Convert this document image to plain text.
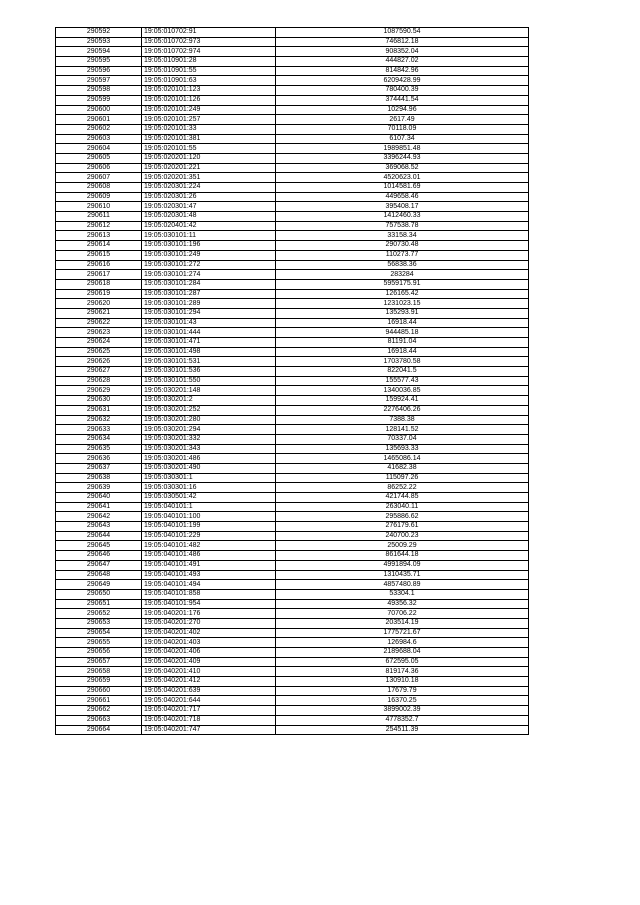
290592	19:05:010702:91	1087590.54
290593	19:05:010702:973	746812.18
290594	19:05:010702:974	908352.04
290595	19:05:010901:28	444827.02
290596	19:05:010901:55	814842.96
290597	19:05:010901:63	6209428.99
290598	19:05:020101:123	780400.39
290599	19:05:020101:126	374441.54
290600	19:05:020101:249	10294.96
290601	19:05:020101:257	2617.49
290602	19:05:020101:33	70118.09
290603	19:05:020101:381	6107.34
290604	19:05:020101:55	1989851.48
290605	19:05:020201:120	3396244.93
290606	19:05:020201:221	369068.52
290607	19:05:020201:351	4520623.01
290608	19:05:020301:224	1014581.69
290609	19:05:020301:26	449658.46
290610	19:05:020301:47	395408.17
290611	19:05:020301:48	1412460.33
290612	19:05:020401:42	757538.78
290613	19:05:030101:11	33158.34
290614	19:05:030101:196	290730.48
290615	19:05:030101:249	110273.77
290616	19:05:030101:272	56838.36
290617	19:05:030101:274	283284
290618	19:05:030101:284	5959175.91
290619	19:05:030101:287	126165.42
290620	19:05:030101:289	1231023.15
290621	19:05:030101:294	135293.91
290622	19:05:030101:43	16918.44
290623	19:05:030101:444	944485.18
290624	19:05:030101:471	81191.04
290625	19:05:030101:498	16918.44
290626	19:05:030101:531	1703780.58
290627	19:05:030101:536	822041.5
290628	19:05:030101:550	155577.43
290629	19:05:030201:148	1340036.85
290630	19:05:030201:2	159924.41
290631	19:05:030201:252	2276406.26
290632	19:05:030201:280	7388.38
290633	19:05:030201:294	128141.52
290634	19:05:030201:332	70337.04
290635	19:05:030201:343	135693.33
290636	19:05:030201:486	1465086.14
290637	19:05:030201:490	41682.38
290638	19:05:030301:1	115097.26
290639	19:05:030301:16	86252.22
290640	19:05:030501:42	421744.85
290641	19:05:040101:1	263040.11
290642	19:05:040101:100	295886.62
290643	19:05:040101:199	276179.61
290644	19:05:040101:229	240700.23
290645	19:05:040101:482	25009.29
290646	19:05:040101:486	861644.18
290647	19:05:040101:491	4991894.09
290648	19:05:040101:493	1310435.71
290649	19:05:040101:494	4857480.89
290650	19:05:040101:858	53304.1
290651	19:05:040101:954	49356.32
290652	19:05:040201:176	70706.22
290653	19:05:040201:270	203514.19
290654	19:05:040201:402	1775721.67
290655	19:05:040201:403	126984.6
290656	19:05:040201:406	2189688.04
290657	19:05:040201:409	672595.05
290658	19:05:040201:410	819174.36
290659	19:05:040201:412	130910.18
290660	19:05:040201:639	17679.79
290661	19:05:040201:644	16370.25
290662	19:05:040201:717	3899002.39
290663	19:05:040201:718	4778352.7
290664	19:05:040201:747	254511.39
